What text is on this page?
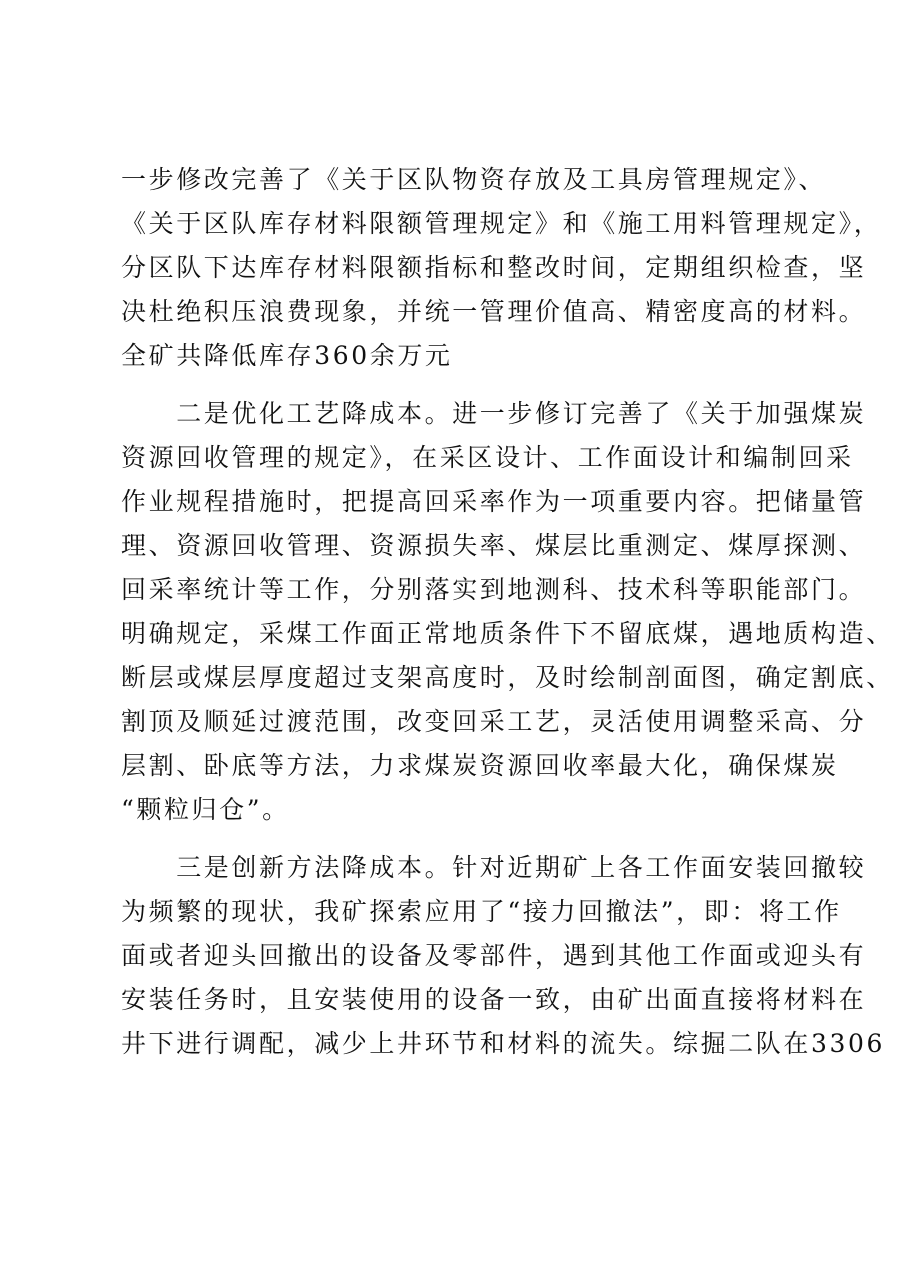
一步修改完善了《关于区队物资存放及工具房管理规定》、
《关于区队库存材料限额管理规定》和《施工用料管理规定》，
分区队下达库存材料限额指标和整改时间，定期组织检查，坚
决杜绝积压浪费现象，并统一管理价值高、精密度高的材料。
全矿共降低库存360余万元
　　二是优化工艺降成本。进一步修订完善了《关于加强煤炭
资源回收管理的规定》，在采区设计、工作面设计和编制回采
作业规程措施时，把提高回采率作为一项重要内容。把储量管
理、资源回收管理、资源损失率、煤层比重测定、煤厚探测、
回采率统计等工作，分别落实到地测科、技术科等职能部门。
明确规定，采煤工作面正常地质条件下不留底煤，遇地质构造、
断层或煤层厚度超过支架高度时，及时绘制剖面图，确定割底、
割顶及顺延过渡范围，改变回采工艺，灵活使用调整采高、分
层割、卧底等方法，力求煤炭资源回收率最大化，确保煤炭
“颗粒归仓”。
　　三是创新方法降成本。针对近期矿上各工作面安装回撤较
为频繁的现状，我矿探索应用了“接力回撤法”，即：将工作
面或者迎头回撤出的设备及零部件，遇到其他工作面或迎头有
安装任务时，且安装使用的设备一致，由矿出面直接将材料在
井下进行调配，减少上井环节和材料的流失。综掘二队在3306
